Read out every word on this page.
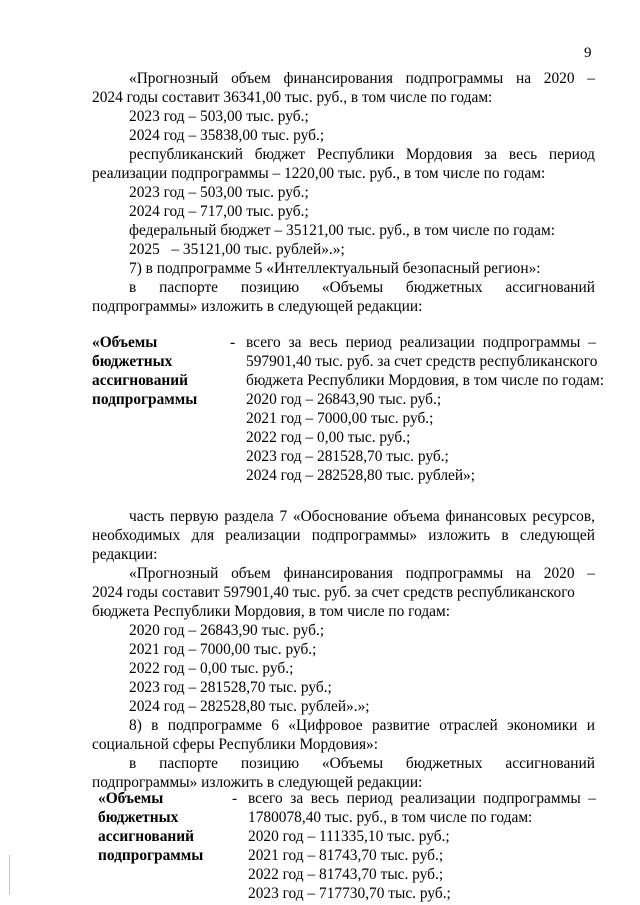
9
«Прогнозный объем финансирования подпрограммы на 2020 –
2024 годы составит 36341,00 тыс. руб., в том числе по годам:
2023 год – 503,00 тыс. руб.;
2024 год – 35838,00 тыс. руб.;
республиканский бюджет Республики Мордовия за весь период
реализации подпрограммы – 1220,00 тыс. руб., в том числе по годам:
2023 год – 503,00 тыс. руб.;
2024 год – 717,00 тыс. руб.;
федеральный бюджет – 35121,00 тыс. руб., в том числе по годам:
2025   – 35121,00 тыс. рублей».»;
7) в подпрограмме 5 «Интеллектуальный безопасный регион»:
в паспорте позицию «Объемы бюджетных ассигнований
подпрограммы» изложить в следующей редакции:
«Объемы
бюджетных
ассигнований
подпрограммы
- всего за весь период реализации подпрограммы –
597901,40 тыс. руб. за счет средств республиканского
бюджета Республики Мордовия, в том числе по годам:
2020 год – 26843,90 тыс. руб.;
2021 год – 7000,00 тыс. руб.;
2022 год – 0,00 тыс. руб.;
2023 год – 281528,70 тыс. руб.;
2024 год – 282528,80 тыс. рублей»;
часть первую раздела 7 «Обоснование объема финансовых ресурсов,
необходимых для реализации подпрограммы» изложить в следующей
редакции:
«Прогнозный объем финансирования подпрограммы на 2020 –
2024 годы составит 597901,40 тыс. руб. за счет средств республиканского
бюджета Республики Мордовия, в том числе по годам:
2020 год – 26843,90 тыс. руб.;
2021 год – 7000,00 тыс. руб.;
2022 год – 0,00 тыс. руб.;
2023 год – 281528,70 тыс. руб.;
2024 год – 282528,80 тыс. рублей».»;
8) в подпрограмме 6 «Цифровое развитие отраслей экономики и
социальной сферы Республики Мордовия»:
в паспорте позицию «Объемы бюджетных ассигнований
подпрограммы» изложить в следующей редакции:
«Объемы
бюджетных
ассигнований
подпрограммы
- всего за весь период реализации подпрограммы –
1780078,40 тыс. руб., в том числе по годам:
2020 год – 111335,10 тыс. руб.;
2021 год – 81743,70 тыс. руб.;
2022 год – 81743,70 тыс. руб.;
2023 год – 717730,70 тыс. руб.;
